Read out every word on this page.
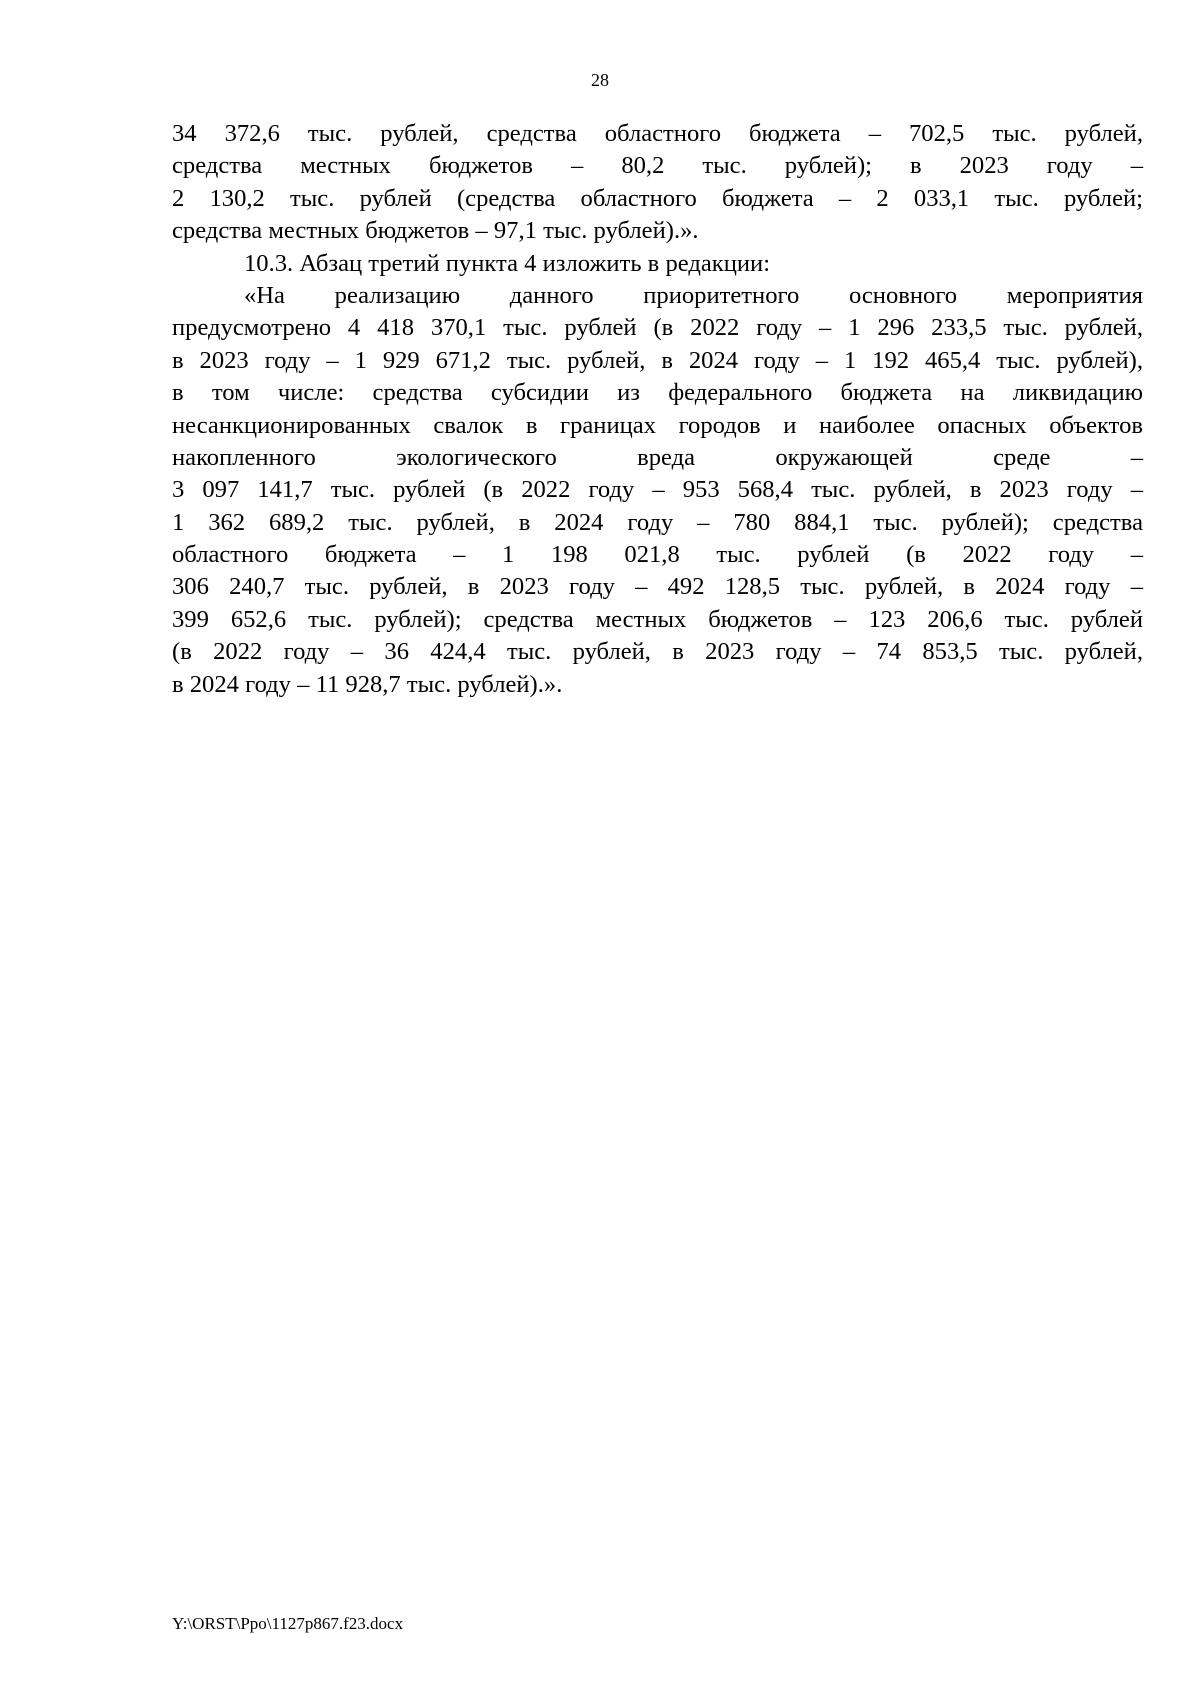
28
34 372,6 тыс. рублей, средства областного бюджета – 702,5 тыс. рублей,
средства местных бюджетов – 80,2 тыс. рублей); в 2023 году –
2 130,2 тыс. рублей (средства областного бюджета – 2 033,1 тыс. рублей;
средства местных бюджетов – 97,1 тыс. рублей).».
10.3. Абзац третий пункта 4 изложить в редакции:
«На реализацию данного приоритетного основного мероприятия
предусмотрено 4 418 370,1 тыс. рублей (в 2022 году – 1 296 233,5 тыс. рублей,
в 2023 году – 1 929 671,2 тыс. рублей, в 2024 году – 1 192 465,4 тыс. рублей),
в том числе: средства субсидии из федерального бюджета на ликвидацию
несанкционированных свалок в границах городов и наиболее опасных объектов
накопленного экологического вреда окружающей среде –
3 097 141,7 тыс. рублей (в 2022 году – 953 568,4 тыс. рублей, в 2023 году –
1 362 689,2 тыс. рублей, в 2024 году – 780 884,1 тыс. рублей); средства
областного бюджета – 1 198 021,8 тыс. рублей (в 2022 году –
306 240,7 тыс. рублей, в 2023 году – 492 128,5 тыс. рублей, в 2024 году –
399 652,6 тыс. рублей); средства местных бюджетов – 123 206,6 тыс. рублей
(в 2022 году – 36 424,4 тыс. рублей, в 2023 году – 74 853,5 тыс. рублей,
в 2024 году – 11 928,7 тыс. рублей).».
Y:\ORST\Ppo\1127p867.f23.docx
